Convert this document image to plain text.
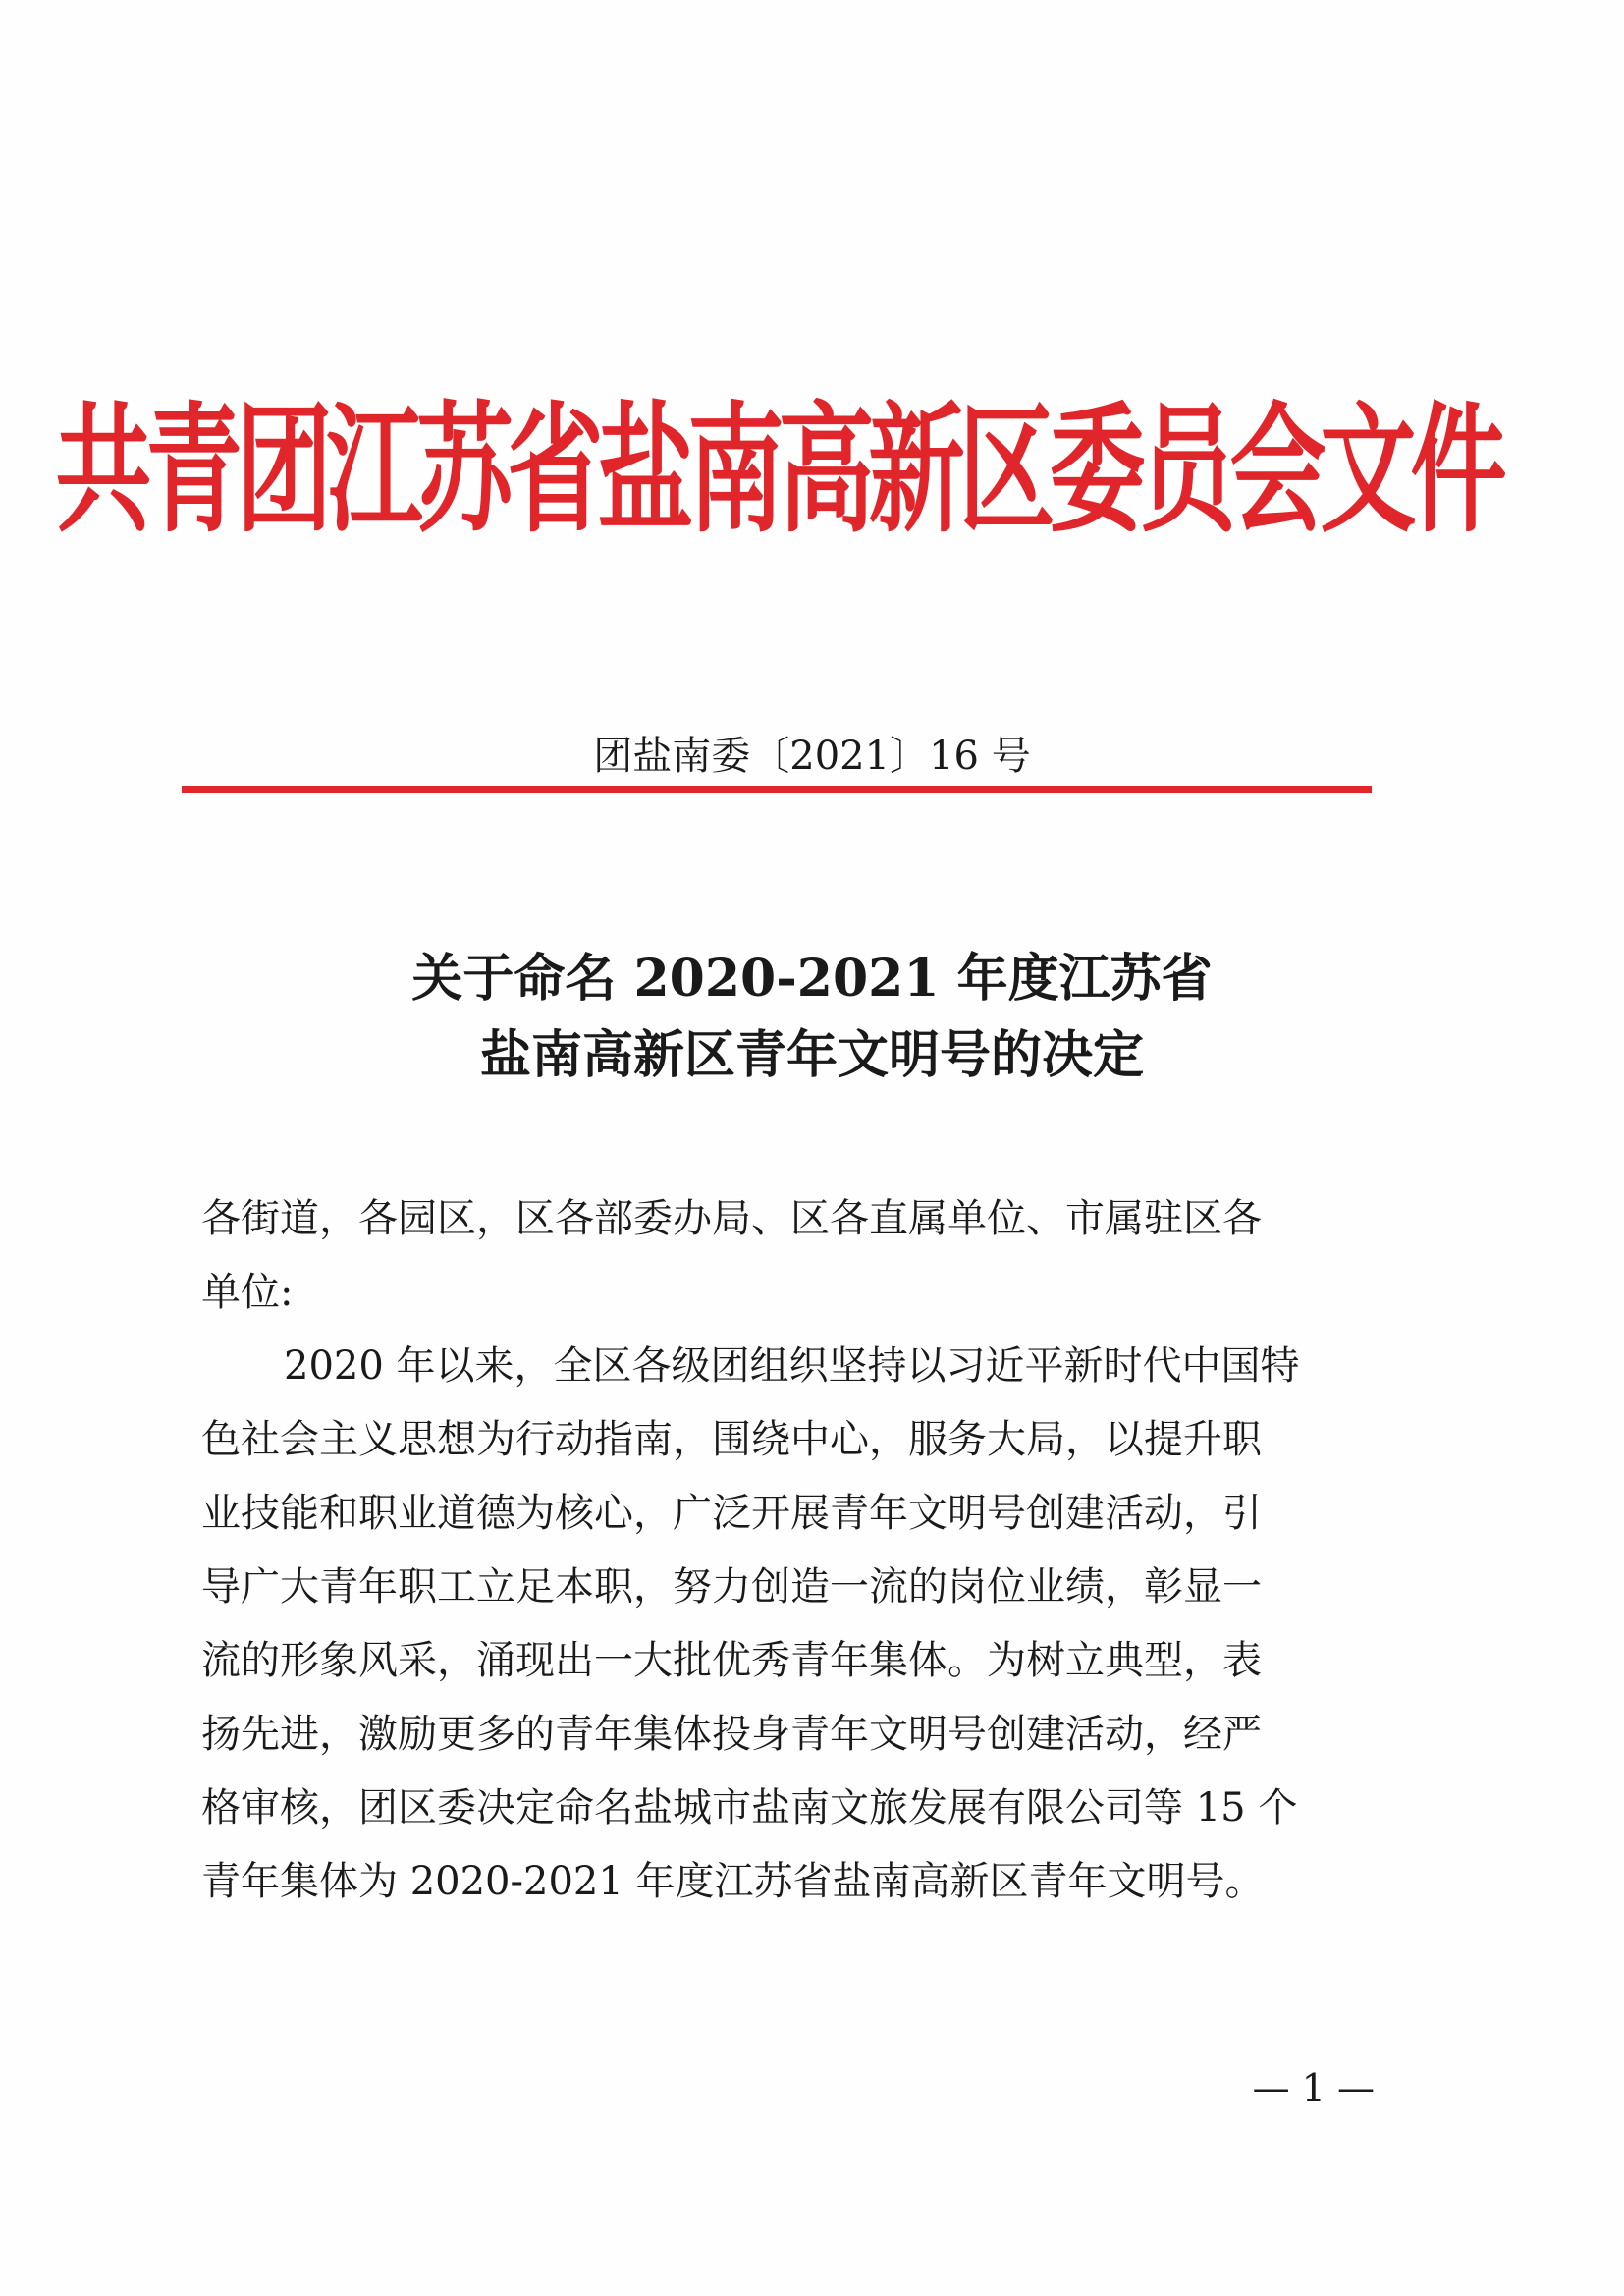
共青团江苏省盐南高新区委员会文件
团盐南委〔2021〕16 号
关于命名 2020-2021 年度江苏省
盐南高新区青年文明号的决定
各街道，各园区，区各部委办局、区各直属单位、市属驻区各
单位:
2020 年以来，全区各级团组织坚持以习近平新时代中国特
色社会主义思想为行动指南，围绕中心，服务大局，以提升职
业技能和职业道德为核心，广泛开展青年文明号创建活动，引
导广大青年职工立足本职，努力创造一流的岗位业绩，彰显一
流的形象风采，涌现出一大批优秀青年集体。为树立典型，表
扬先进，激励更多的青年集体投身青年文明号创建活动，经严
格审核，团区委决定命名盐城市盐南文旅发展有限公司等 15 个
青年集体为 2020-2021 年度江苏省盐南高新区青年文明号。
— 1 —
